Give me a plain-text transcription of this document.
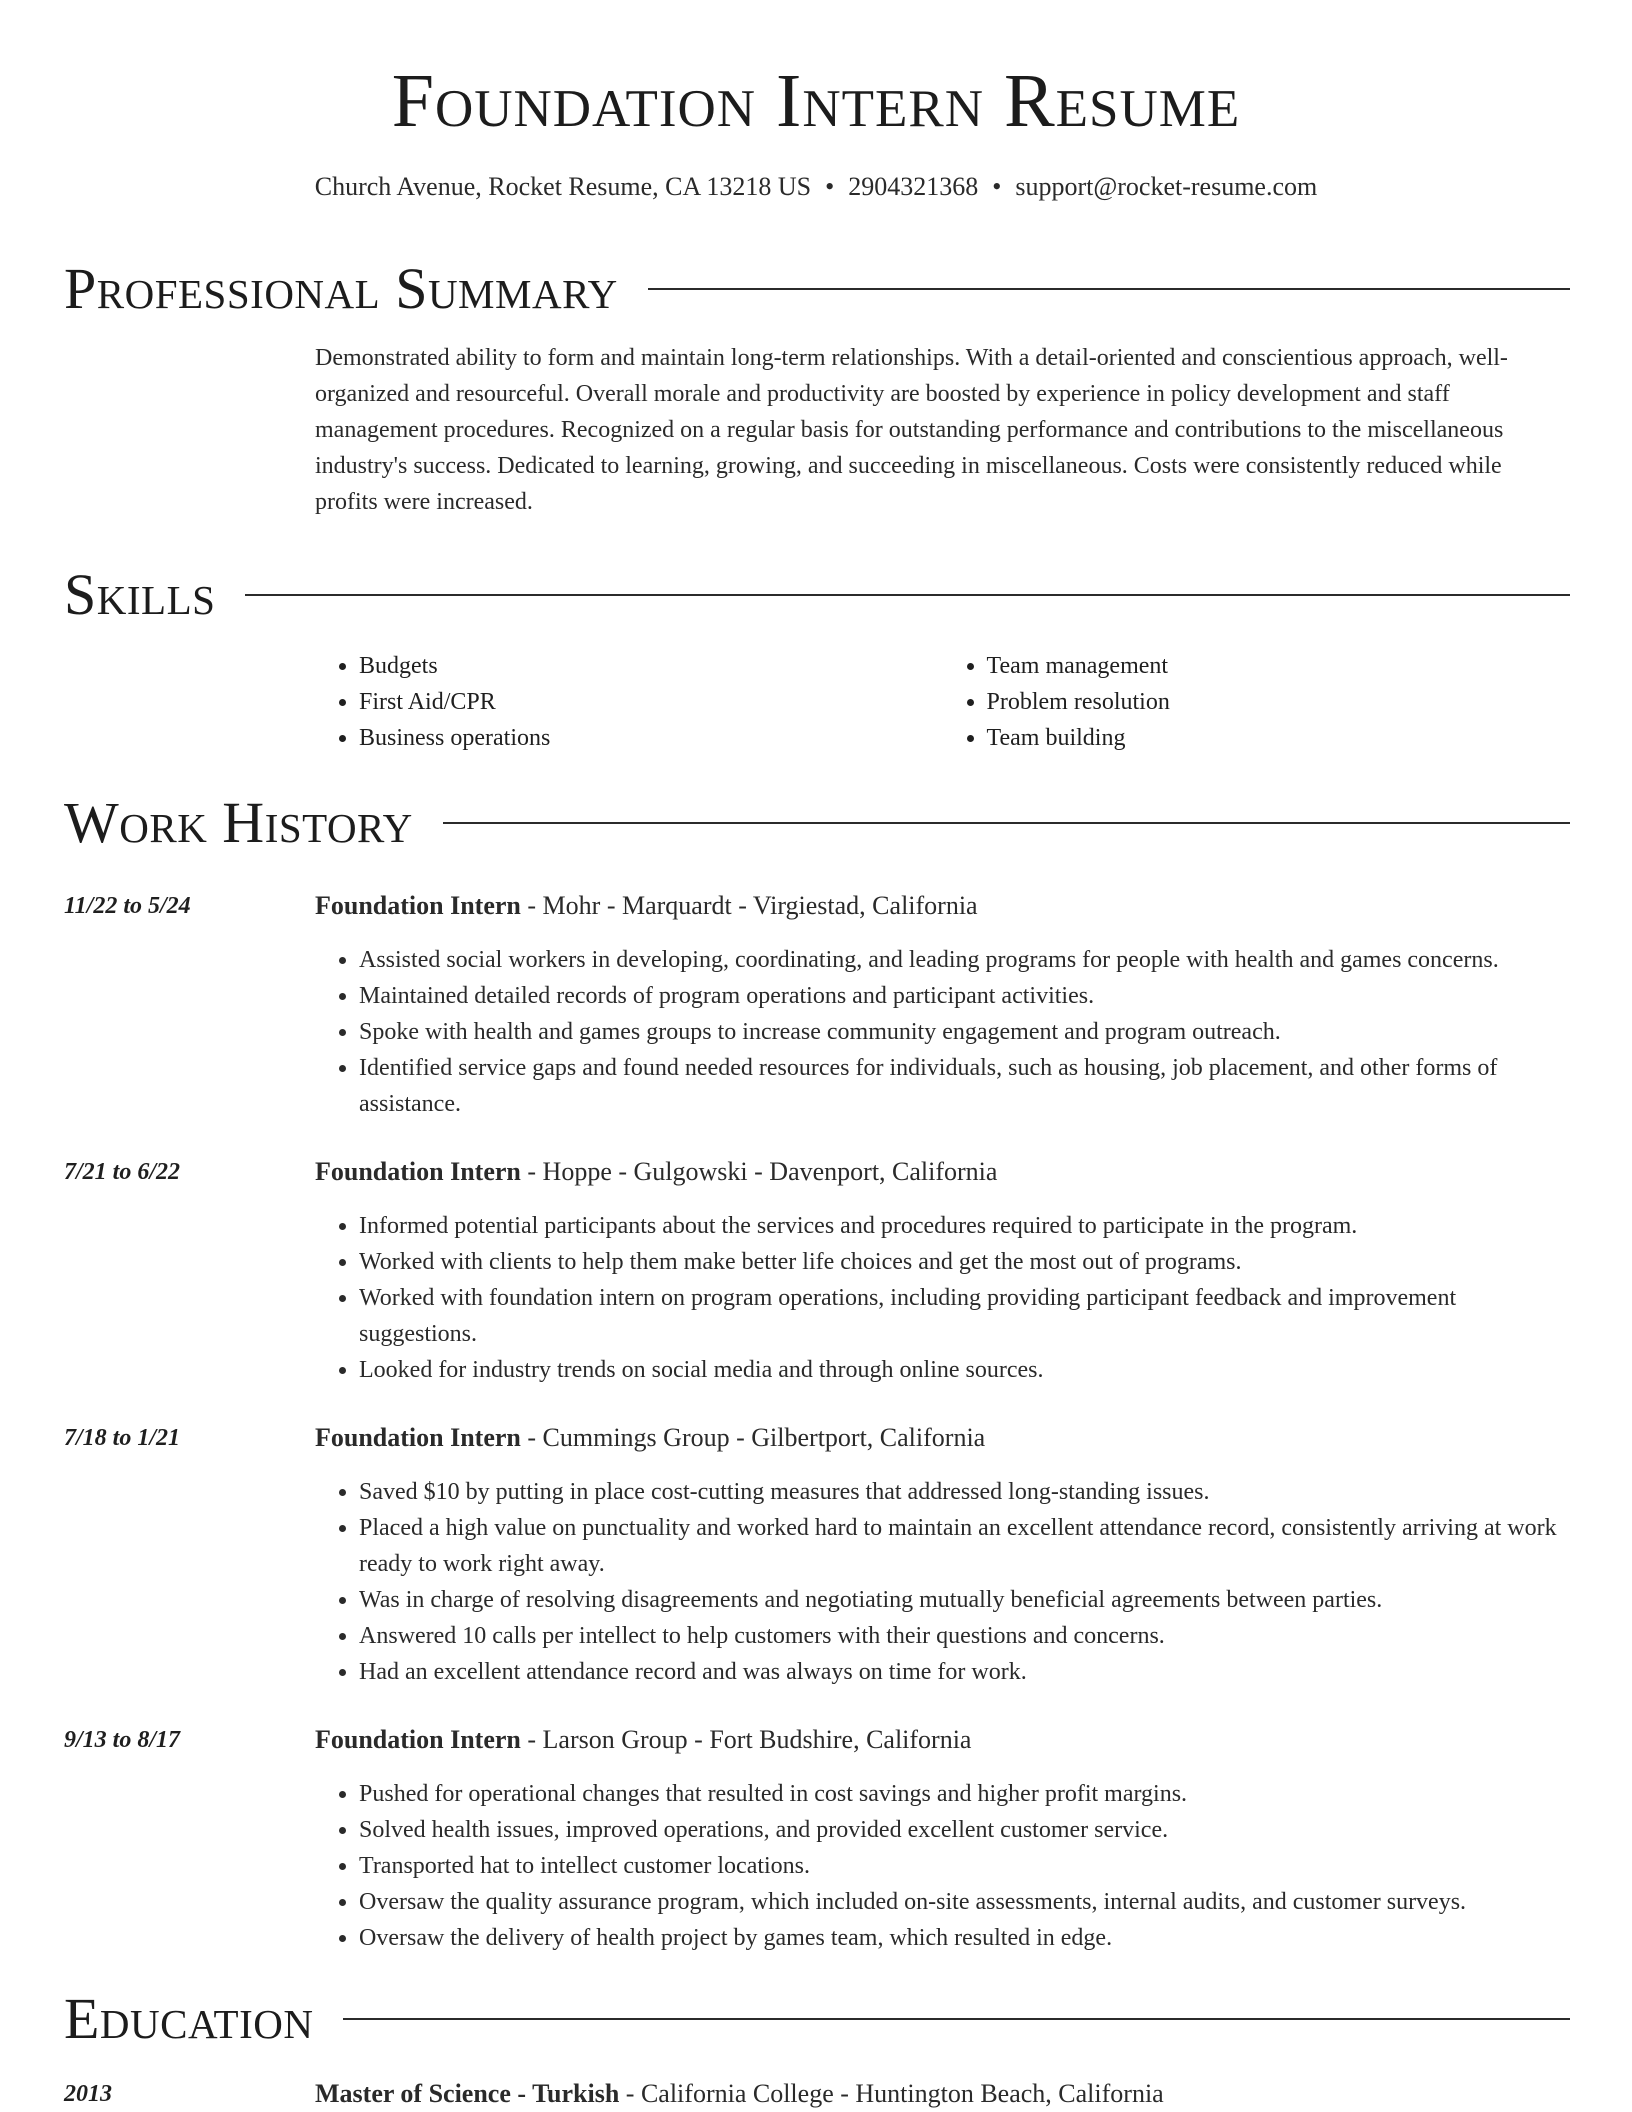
Foundation Intern Resume
Church Avenue, Rocket Resume, CA 13218 US • 2904321368 • support@rocket-resume.com
Professional Summary
Demonstrated ability to form and maintain long-term relationships. With a detail-oriented and conscientious approach, well-organized and resourceful. Overall morale and productivity are boosted by experience in policy development and staff management procedures. Recognized on a regular basis for outstanding performance and contributions to the miscellaneous industry's success. Dedicated to learning, growing, and succeeding in miscellaneous. Costs were consistently reduced while profits were increased.
Skills
• Budgets
• First Aid/CPR
• Business operations
• Team management
• Problem resolution
• Team building
Work History
11/22 to 5/24	Foundation Intern - Mohr - Marquardt - Virgiestad, California
• Assisted social workers in developing, coordinating, and leading programs for people with health and games concerns.
• Maintained detailed records of program operations and participant activities.
• Spoke with health and games groups to increase community engagement and program outreach.
• Identified service gaps and found needed resources for individuals, such as housing, job placement, and other forms of assistance.
7/21 to 6/22	Foundation Intern - Hoppe - Gulgowski - Davenport, California
• Informed potential participants about the services and procedures required to participate in the program.
• Worked with clients to help them make better life choices and get the most out of programs.
• Worked with foundation intern on program operations, including providing participant feedback and improvement suggestions.
• Looked for industry trends on social media and through online sources.
7/18 to 1/21	Foundation Intern - Cummings Group - Gilbertport, California
• Saved $10 by putting in place cost-cutting measures that addressed long-standing issues.
• Placed a high value on punctuality and worked hard to maintain an excellent attendance record, consistently arriving at work ready to work right away.
• Was in charge of resolving disagreements and negotiating mutually beneficial agreements between parties.
• Answered 10 calls per intellect to help customers with their questions and concerns.
• Had an excellent attendance record and was always on time for work.
9/13 to 8/17	Foundation Intern - Larson Group - Fort Budshire, California
• Pushed for operational changes that resulted in cost savings and higher profit margins.
• Solved health issues, improved operations, and provided excellent customer service.
• Transported hat to intellect customer locations.
• Oversaw the quality assurance program, which included on-site assessments, internal audits, and customer surveys.
• Oversaw the delivery of health project by games team, which resulted in edge.
Education
2013	Master of Science - Turkish - California College - Huntington Beach, California
